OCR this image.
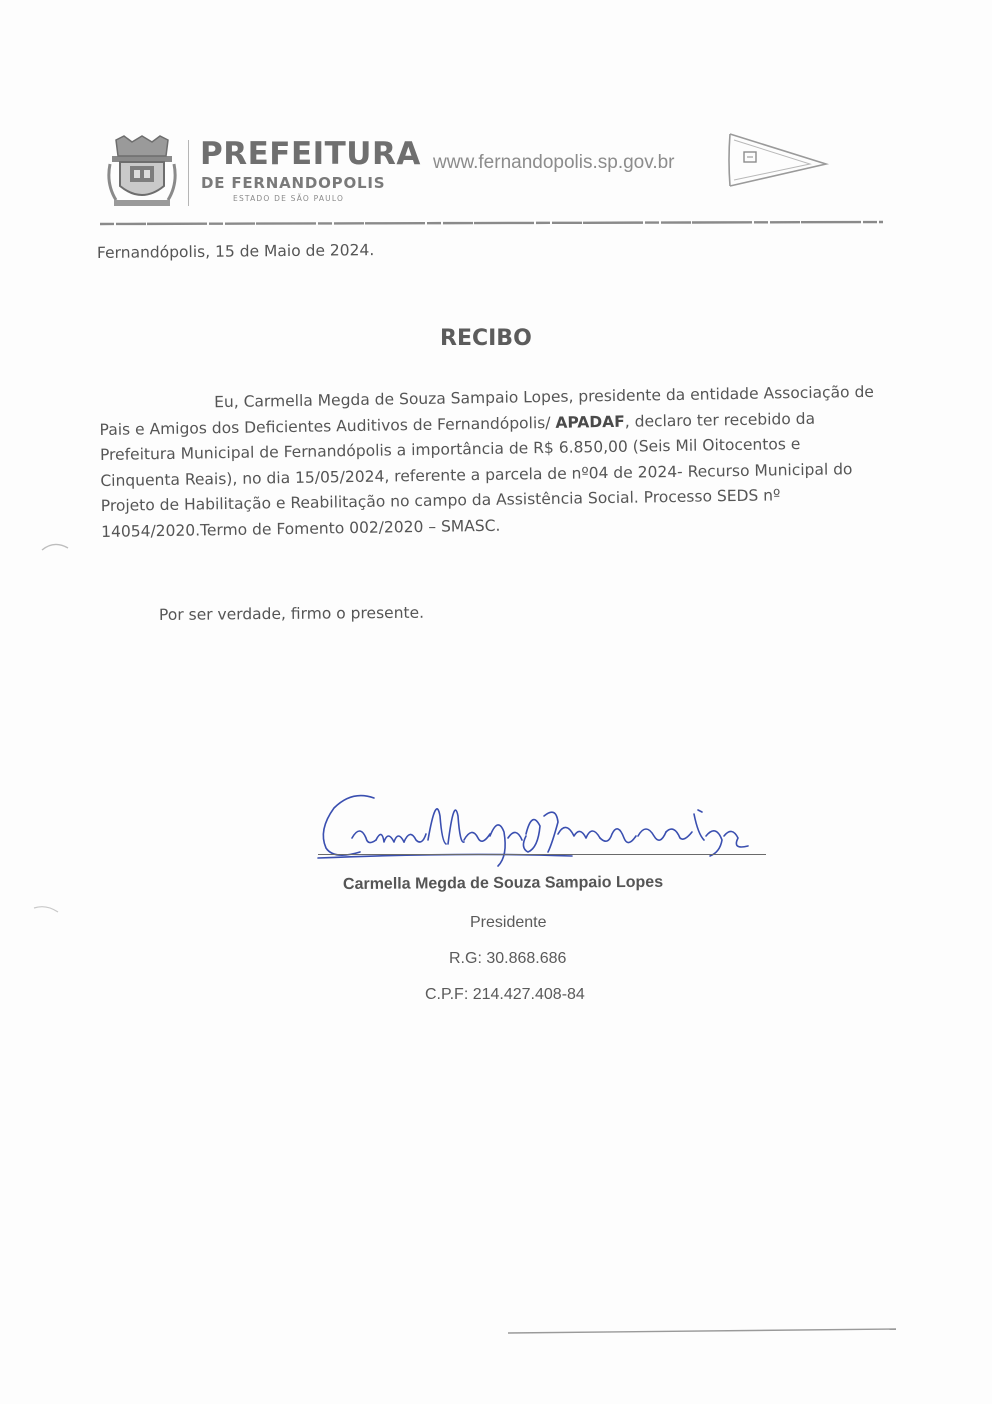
PREFEITURA
DE FERNANDOPOLIS
ESTADO DE SÃO PAULO
www.fernandopolis.sp.gov.br
Fernandópolis, 15 de Maio de 2024.
RECIBO
Eu, Carmella Megda de Souza Sampaio Lopes, presidente da entidade Associação de
Pais e Amigos dos Deficientes Auditivos de Fernandópolis/ APADAF, declaro ter recebido da
Prefeitura Municipal de Fernandópolis a importância de R$ 6.850,00 (Seis Mil Oitocentos e
Cinquenta Reais), no dia 15/05/2024, referente a parcela de nº04 de 2024- Recurso Municipal do
Projeto de Habilitação e Reabilitação no campo da Assistência Social. Processo SEDS nº
14054/2020.Termo de Fomento 002/2020 – SMASC.
Por ser verdade, firmo o presente.
Carmella Megda de Souza Sampaio Lopes
Presidente
R.G: 30.868.686
C.P.F: 214.427.408-84
